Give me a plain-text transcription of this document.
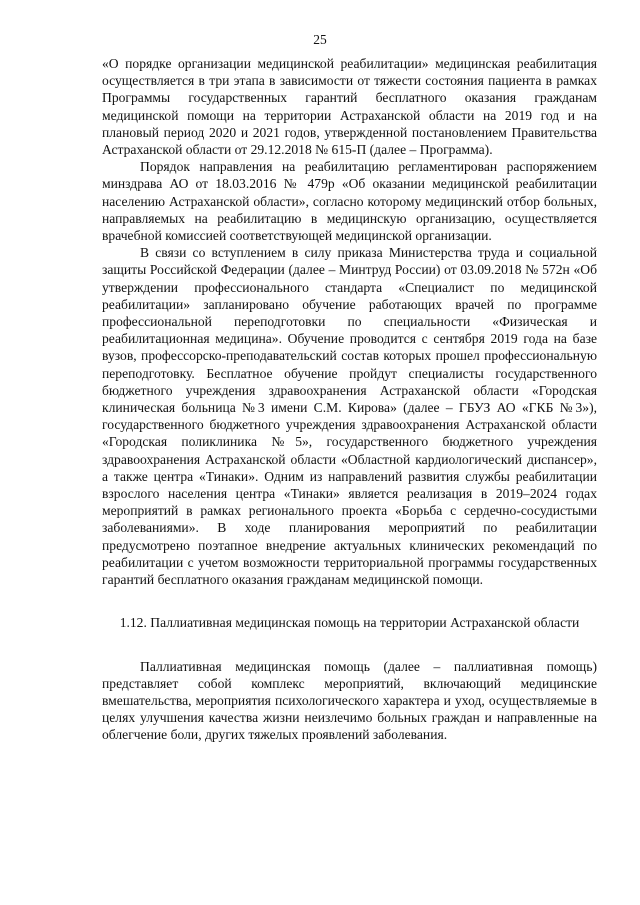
25

«О порядке организации медицинской реабилитации» медицинская реабилитация осуществляется в три этапа в зависимости от тяжести состояния пациента в рамках Программы государственных гарантий бесплатного оказания гражданам медицинской помощи на территории Астраханской области на 2019 год и на плановый период 2020 и 2021 годов, утвержденной постановлением Правительства Астраханской области от 29.12.2018 № 615-П (далее – Программа).

Порядок направления на реабилитацию регламентирован распоряжением минздрава АО от 18.03.2016 № 479р «Об оказании медицинской реабилитации населению Астраханской области», согласно которому медицинский отбор больных, направляемых на реабилитацию в медицинскую организацию, осуществляется врачебной комиссией соответствующей медицинской организации.

В связи со вступлением в силу приказа Министерства труда и социальной защиты Российской Федерации (далее – Минтруд России) от 03.09.2018 № 572н «Об утверждении профессионального стандарта «Специалист по медицинской реабилитации» запланировано обучение работающих врачей по программе профессиональной переподготовки по специальности «Физическая и реабилитационная медицина». Обучение проводится с сентября 2019 года на базе вузов, профессорско-преподавательский состав которых прошел профессиональную переподготовку. Бесплатное обучение пройдут специалисты государственного бюджетного учреждения здравоохранения Астраханской области «Городская клиническая больница №3 имени С.М. Кирова» (далее – ГБУЗ АО «ГКБ №3»), государственного бюджетного учреждения здравоохранения Астраханской области «Городская поликлиника №5», государственного бюджетного учреждения здравоохранения Астраханской области «Областной кардиологический диспансер», а также центра «Тинаки». Одним из направлений развития службы реабилитации взрослого населения центра «Тинаки» является реализация в 2019–2024 годах мероприятий в рамках регионального проекта «Борьба с сердечно-сосудистыми заболеваниями». В ходе планирования мероприятий по реабилитации предусмотрено поэтапное внедрение актуальных клинических рекомендаций по реабилитации с учетом возможности территориальной программы государственных гарантий бесплатного оказания гражданам медицинской помощи.

1.12. Паллиативная медицинская помощь на территории Астраханской области

Паллиативная медицинская помощь (далее – паллиативная помощь) представляет собой комплекс мероприятий, включающий медицинские вмешательства, мероприятия психологического характера и уход, осуществляемые в целях улучшения качества жизни неизлечимо больных граждан и направленные на облегчение боли, других тяжелых проявлений заболевания.
